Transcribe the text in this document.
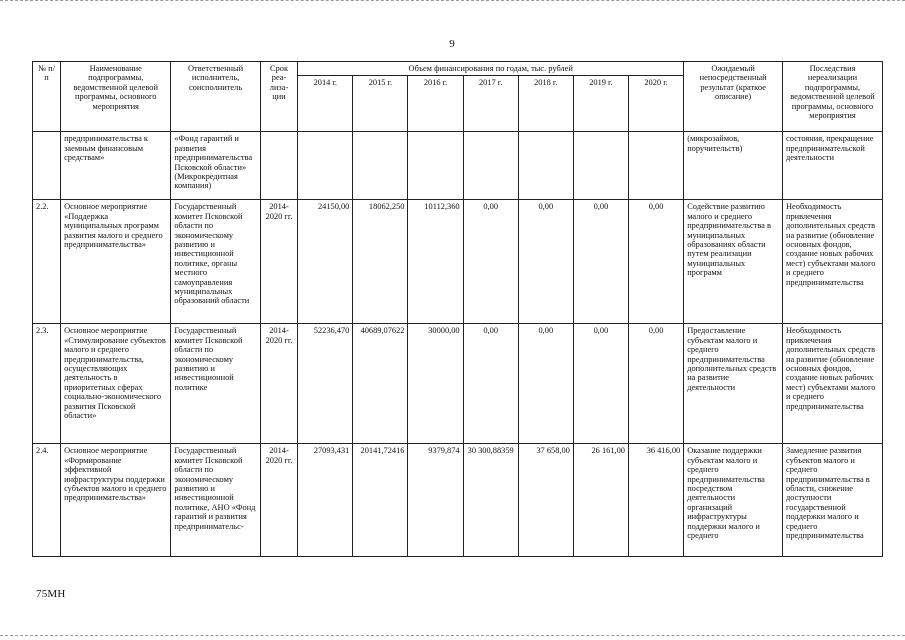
9
№ п/п	Наименование подпрограммы, ведомственной целевой программы, основного мероприятия	Ответственный исполнитель, соисполнитель	Срок реа-лиза-ции	Объем финансирования по годам, тыс. рублей							Ожидаемый непосредственный результат (краткое описание)	Последствия нереализации подпрограммы, ведомственной целевой программы, основного мероприятия
				2014 г.	2015 г.	2016 г.	2017 г.	2018 г.	2019 г.	2020 г.		
	предпринимательства к заемным финансовым средствам»	«Фонд гарантий и развития предпринимательства Псковской области» (Микрокредитная компания)									(микрозаймов, поручительств)	состояния, прекращение предпринимательской деятельности
2.2.	Основное мероприятие «Поддержка муниципальных программ развития малого и среднего предпринимательства»	Государственный комитет Псковской области по экономическому развитию и инвестиционной политике, органы местного самоуправления муниципальных образований области	2014-2020 гг.	24150,00	18062,250	10112,360	0,00	0,00	0,00	0,00	Содействие развитию малого и среднего предпринимательства в муниципальных образованиях области путем реализации муниципальных программ	Необходимость привлечения дополнительных средств на развитие (обновление основных фондов, создание новых рабочих мест) субъектами малого и среднего предпринимательства
2.3.	Основное мероприятие «Стимулирование субъектов малого и среднего предпринимательства, осуществляющих деятельность в приоритетных сферах социально-экономического развития Псковской области»	Государственный комитет Псковской области по экономическому развитию и инвестиционной политике	2014-2020 гг.	52236,470	40689,07622	30000,00	0,00	0,00	0,00	0,00	Предоставление субъектам малого и среднего предпринимательства дополнительных средств на развитие деятельности	Необходимость привлечения дополнительных средств на развитие (обновление основных фондов, создание новых рабочих мест) субъектами малого и среднего предпринимательства
2.4.	Основное мероприятие «Формирование эффективной инфраструктуры поддержки субъектов малого и среднего предпринимательства»	Государственный комитет Псковской области по экономическому развитию и инвестиционной политике, АНО «Фонд гарантий и развития предпринимательс-	2014-2020 гг.	27093,431	20141,72416	9379,874	30 300,88359	37 658,00	26 161,00	36 416,00	Оказание поддержки субъектам малого и среднего предпринимательства посредством деятельности организаций инфраструктуры поддержки малого и среднего	Замедление развития субъектов малого и среднего предпринимательства в области, снижение доступности государственной поддержки малого и среднего предпринимательства
75МН
